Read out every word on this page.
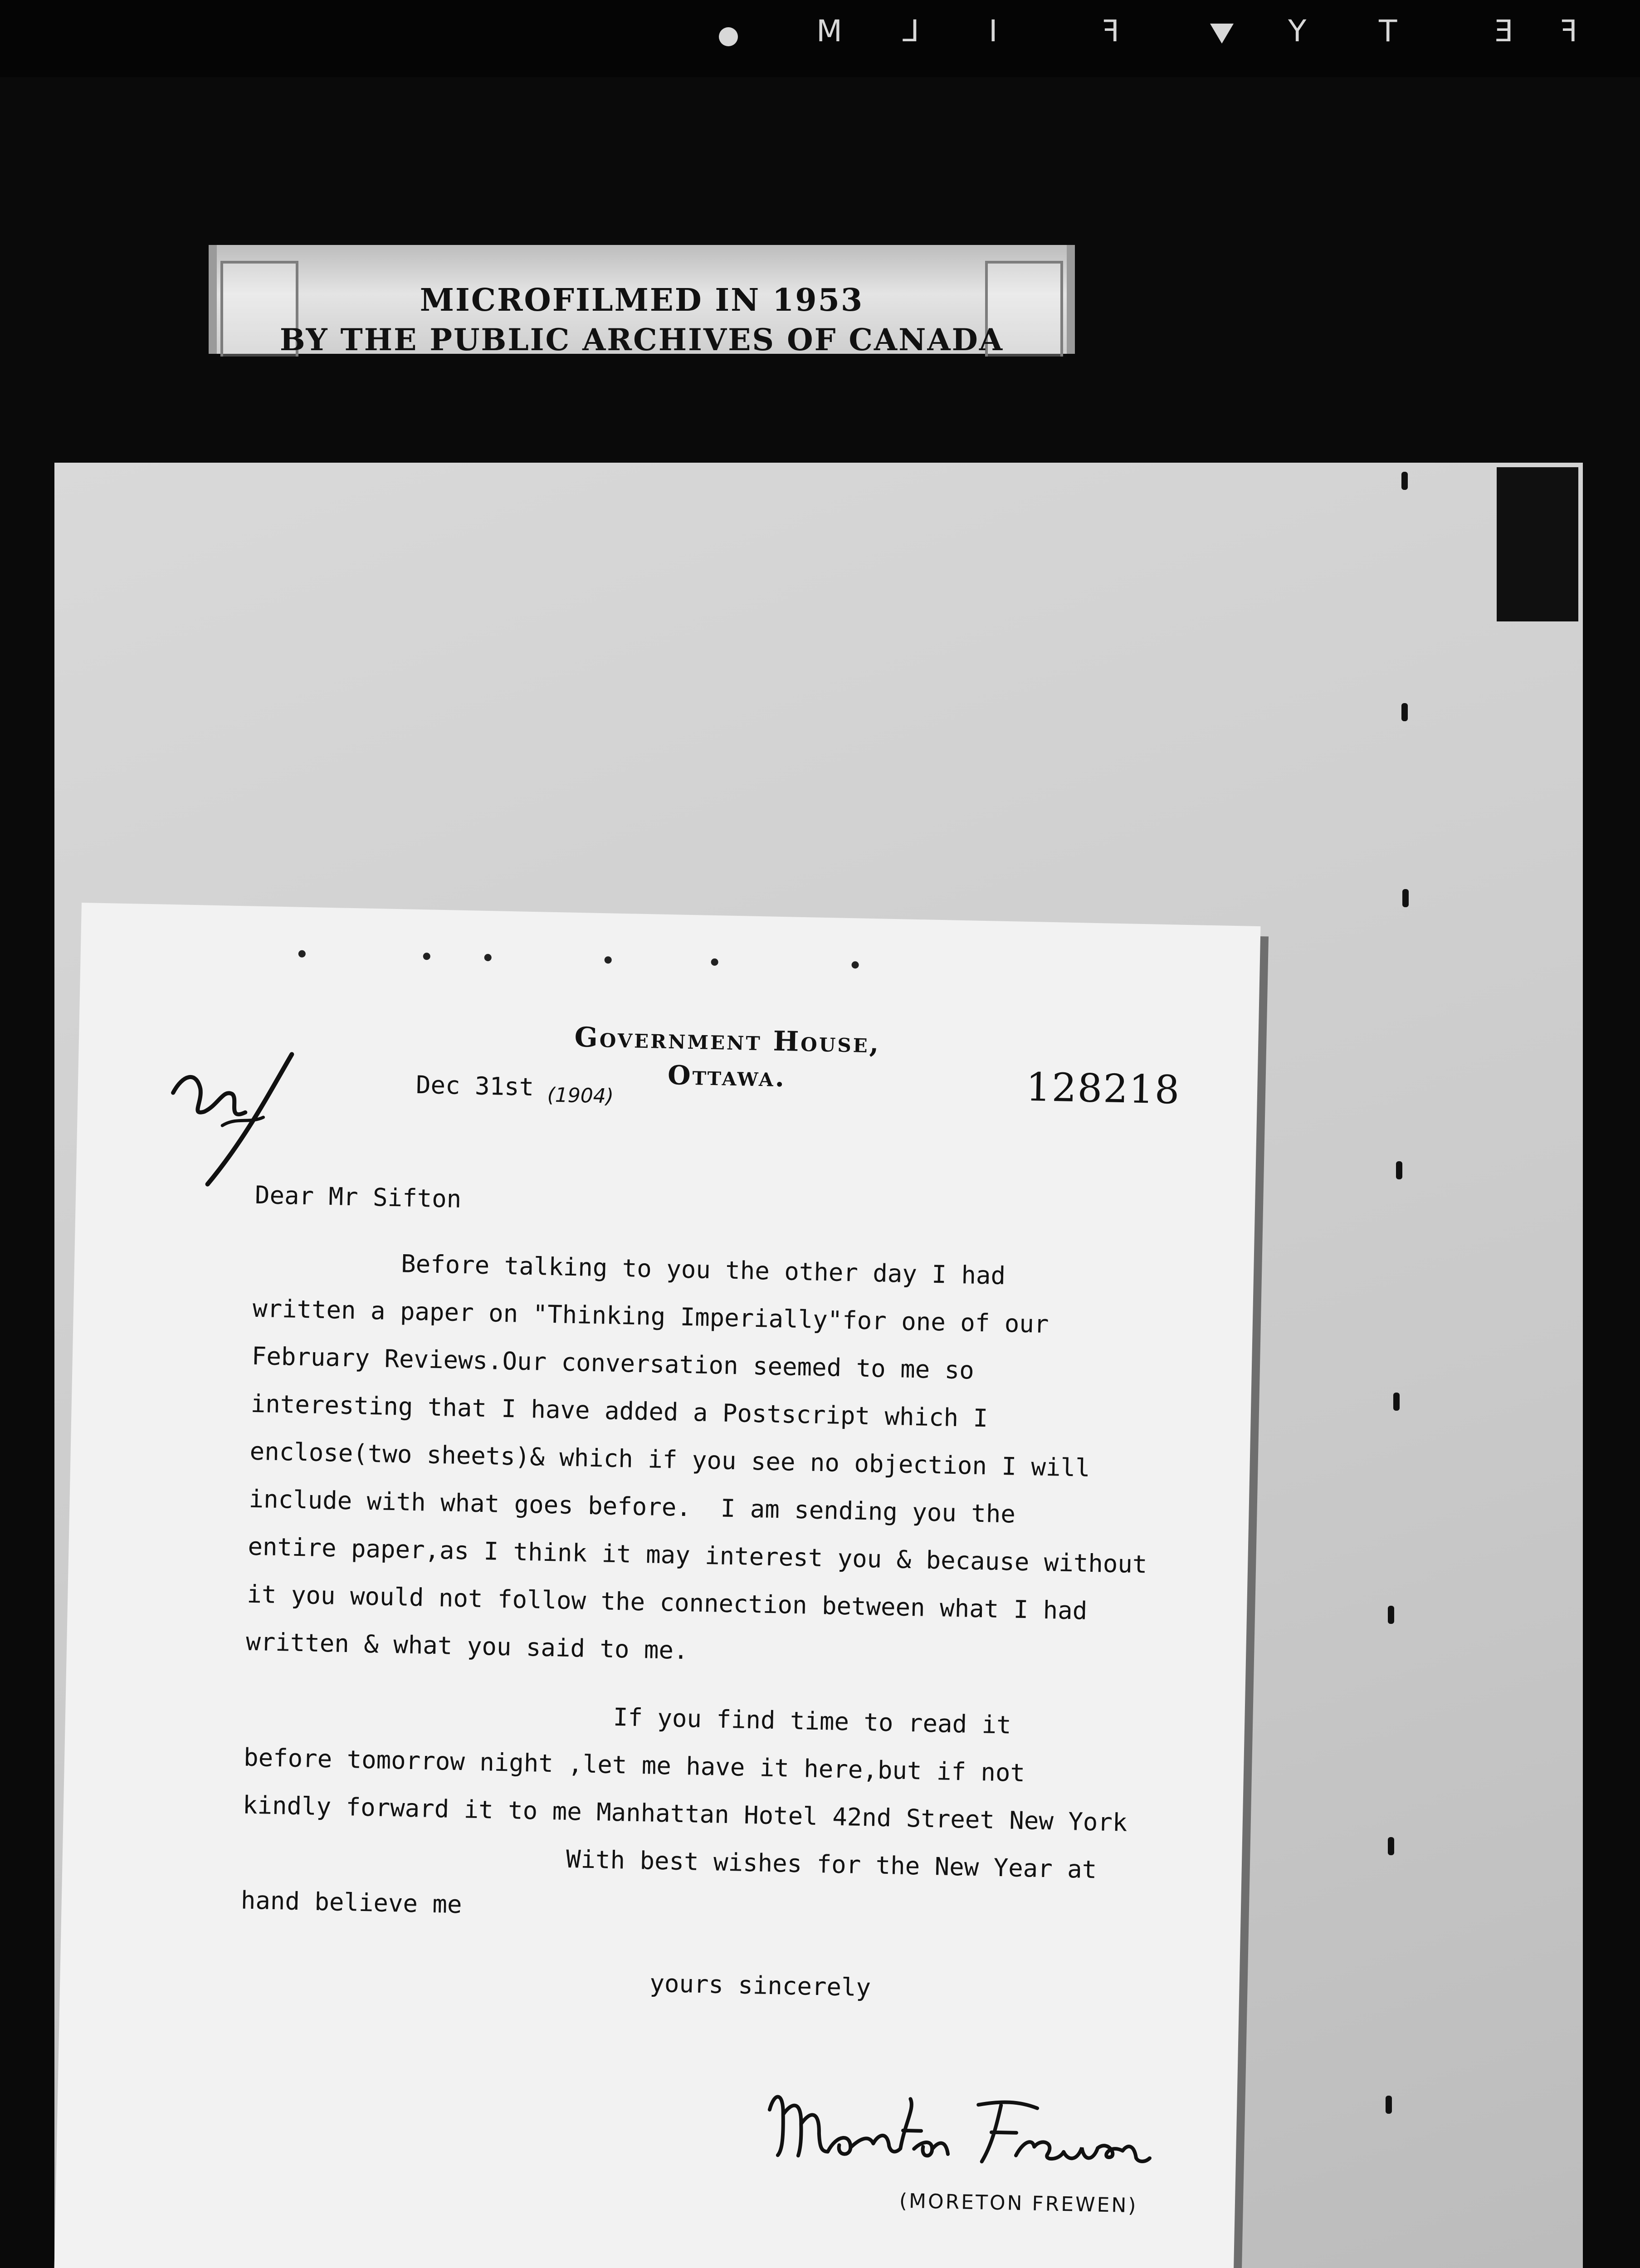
F
E
T
Y
F
I
L
M
MICROFILMED IN 1953
BY THE PUBLIC ARCHIVES OF CANADA
Government House,
Ottawa.
Dec 31st (1904)	128218
Dear Mr Sifton
Before talking to you the other day I had
written a paper on "Thinking Imperially"for one of our
February Reviews.Our conversation seemed to me so
interesting that I have added a Postscript which I
enclose(two sheets)& which if you see no objection I will
include with what goes before.  I am sending you the
entire paper,as I think it may interest you & because without
it you would not follow the connection between what I had
written & what you said to me.
If you find time to read it
before tomorrow night ,let me have it here,but if not
kindly forward it to me Manhattan Hotel 42nd Street New York
With best wishes for the New Year at
hand believe me
yours sincerely
Moreton Frewen
(MORETON FREWEN)
